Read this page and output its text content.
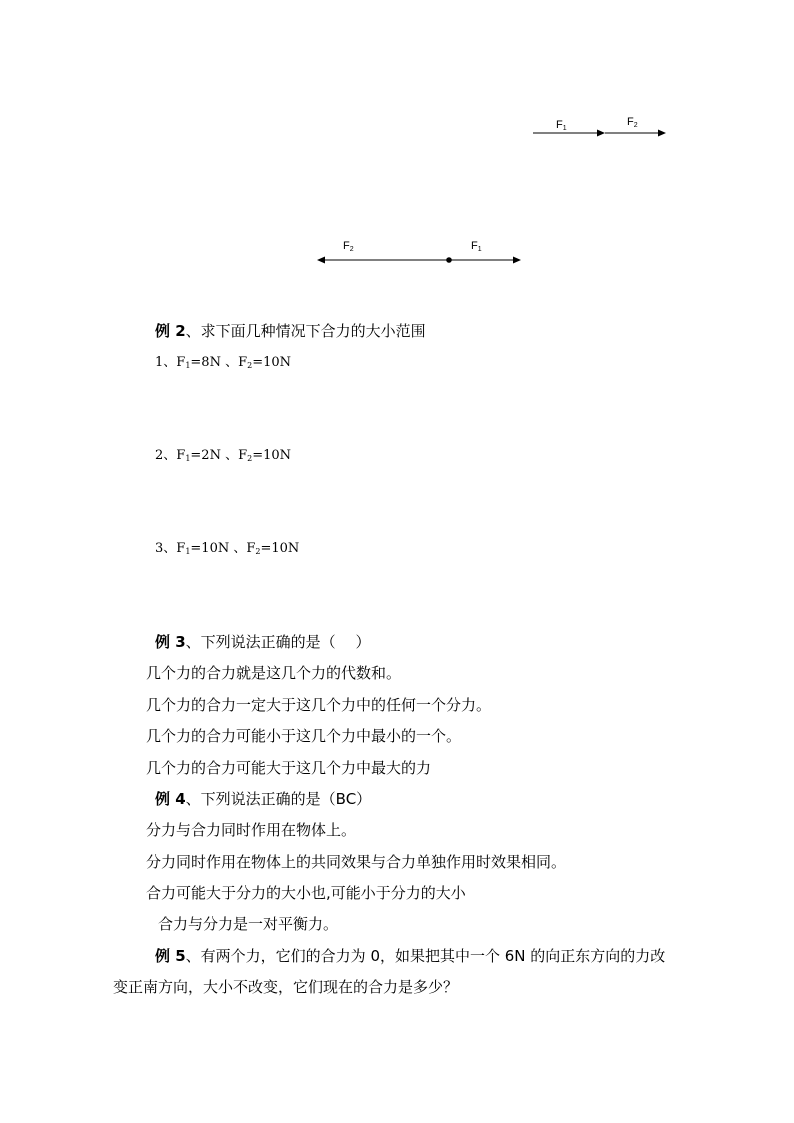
$F_1$
$F_2$
$F_2$	$F_1$
例 2、求下面几种情况下合力的大小范围
1、$F_1=8N$ 、$F_2=10N$
2、$F_1=2N$ 、$F_2=10N$
3、$F_1=10N$ 、$F_2=10N$
例 3、下列说法正确的是（　 ）
几个力的合力就是这几个力的代数和。
几个力的合力一定大于这几个力中的任何一个分力。
几个力的合力可能小于这几个力中最小的一个。
几个力的合力可能大于这几个力中最大的力
例 4、下列说法正确的是（BC）
分力与合力同时作用在物体上。
分力同时作用在物体上的共同效果与合力单独作用时效果相同。
合力可能大于分力的大小也,可能小于分力的大小
合力与分力是一对平衡力。
例 5、有两个力，它们的合力为 0，如果把其中一个 6N 的向正东方向的力改
变正南方向，大小不改变，它们现在的合力是多少？
